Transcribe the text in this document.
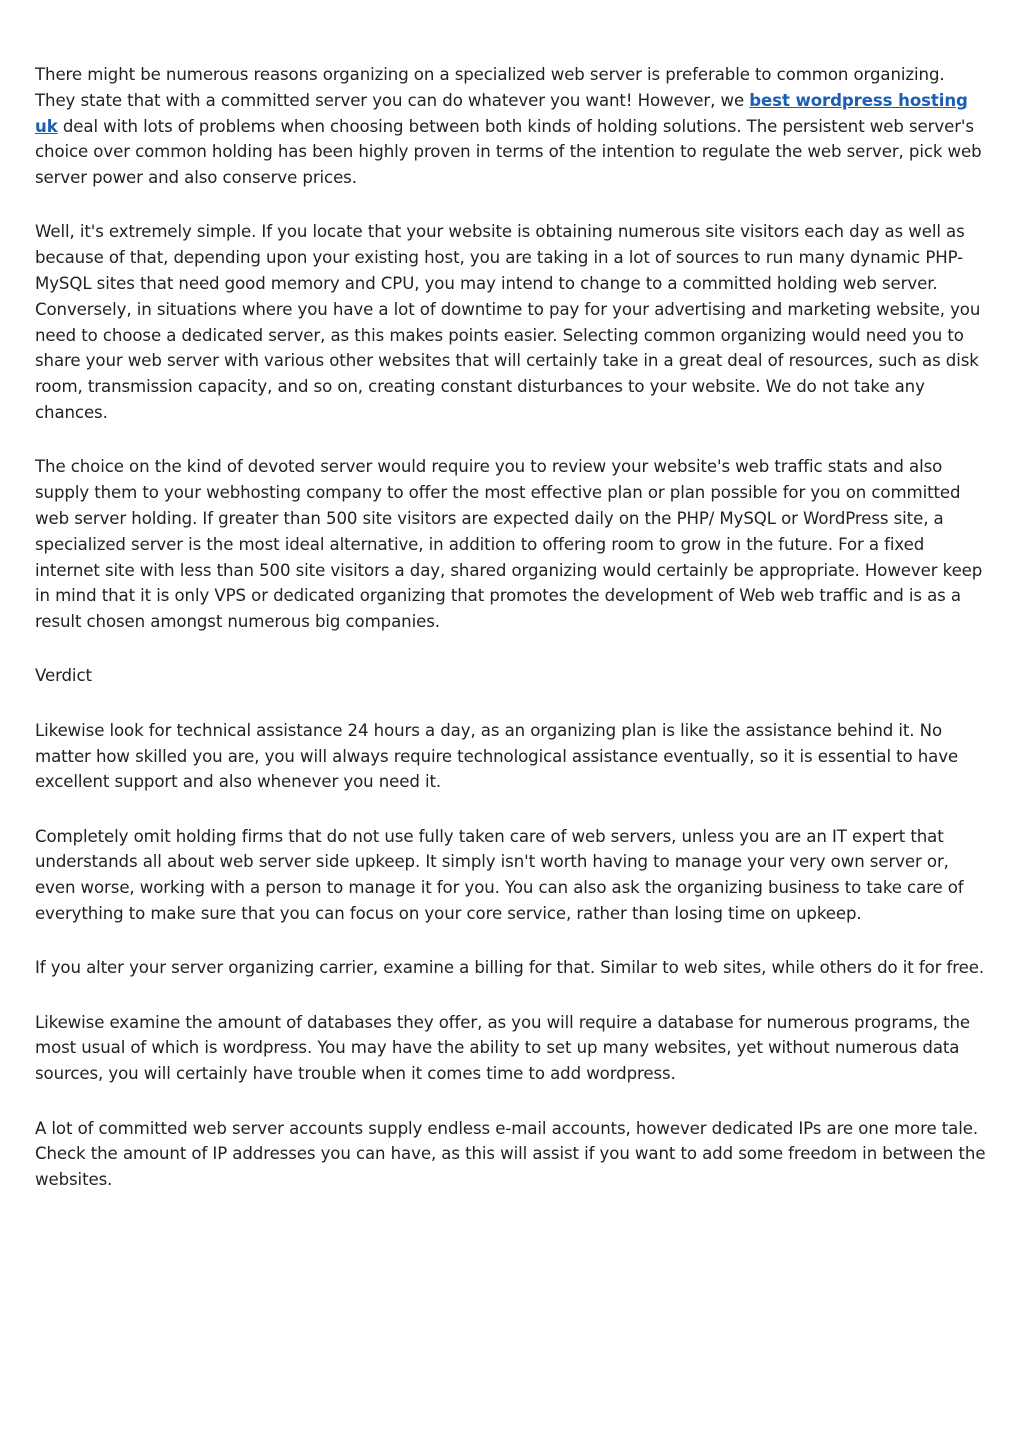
There might be numerous reasons organizing on a specialized web server is preferable to common organizing. They state that with a committed server you can do whatever you want! However, we best wordpress hosting uk deal with lots of problems when choosing between both kinds of holding solutions. The persistent web server's choice over common holding has been highly proven in terms of the intention to regulate the web server, pick web server power and also conserve prices.

Well, it's extremely simple. If you locate that your website is obtaining numerous site visitors each day as well as because of that, depending upon your existing host, you are taking in a lot of sources to run many dynamic PHP-MySQL sites that need good memory and CPU, you may intend to change to a committed holding web server. Conversely, in situations where you have a lot of downtime to pay for your advertising and marketing website, you need to choose a dedicated server, as this makes points easier. Selecting common organizing would need you to share your web server with various other websites that will certainly take in a great deal of resources, such as disk room, transmission capacity, and so on, creating constant disturbances to your website. We do not take any chances.

The choice on the kind of devoted server would require you to review your website's web traffic stats and also supply them to your webhosting company to offer the most effective plan or plan possible for you on committed web server holding. If greater than 500 site visitors are expected daily on the PHP/ MySQL or WordPress site, a specialized server is the most ideal alternative, in addition to offering room to grow in the future. For a fixed internet site with less than 500 site visitors a day, shared organizing would certainly be appropriate. However keep in mind that it is only VPS or dedicated organizing that promotes the development of Web web traffic and is as a result chosen amongst numerous big companies.

Verdict

Likewise look for technical assistance 24 hours a day, as an organizing plan is like the assistance behind it. No matter how skilled you are, you will always require technological assistance eventually, so it is essential to have excellent support and also whenever you need it.

Completely omit holding firms that do not use fully taken care of web servers, unless you are an IT expert that understands all about web server side upkeep. It simply isn't worth having to manage your very own server or, even worse, working with a person to manage it for you. You can also ask the organizing business to take care of everything to make sure that you can focus on your core service, rather than losing time on upkeep.

If you alter your server organizing carrier, examine a billing for that. Similar to web sites, while others do it for free.

Likewise examine the amount of databases they offer, as you will require a database for numerous programs, the most usual of which is wordpress. You may have the ability to set up many websites, yet without numerous data sources, you will certainly have trouble when it comes time to add wordpress.

A lot of committed web server accounts supply endless e-mail accounts, however dedicated IPs are one more tale. Check the amount of IP addresses you can have, as this will assist if you want to add some freedom in between the websites.
